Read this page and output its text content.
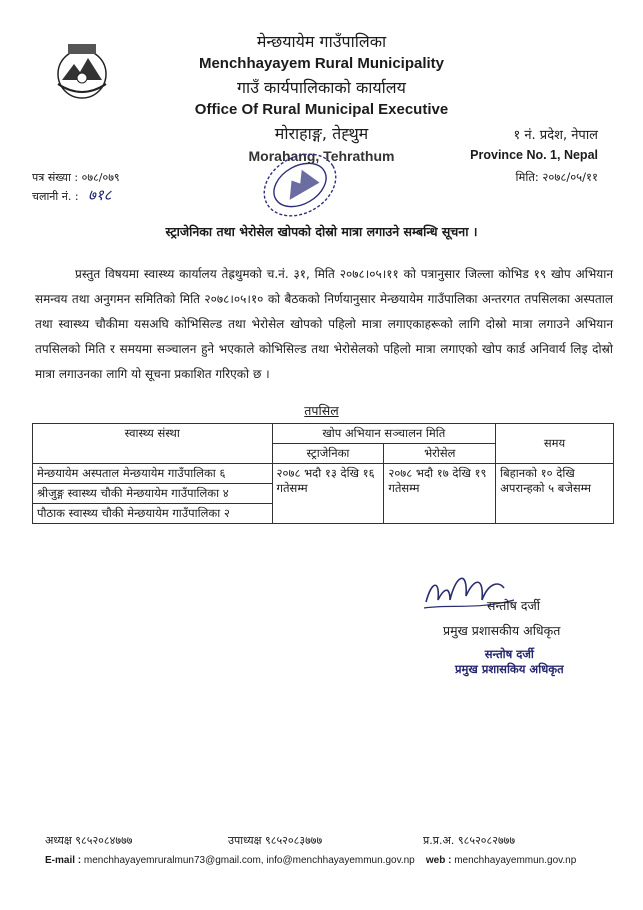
मेन्छयायेम गाउँपालिका
Menchhayayem Rural Municipality
गाउँ कार्यपालिकाको कार्यालय
Office Of Rural Municipal Executive
मोराहाङ्ग, तेह्थुम
Morahang, Tehrathum
१ नं. प्रदेश, नेपाल
Province No. 1, Nepal
मिति: २०७८/०५/११
पत्र संख्या : ०७८/०७९
चलानी नं. : ७१८
स्ट्राजेनिका तथा भेरोसेल खोपको दोस्रो मात्रा लगाउने सम्बन्धि सूचना ।
प्रस्तुत विषयमा स्वास्थ्य कार्यालय तेह्रथुमको च.नं. ३१, मिति २०७८।०५।११ को पत्रानुसार जिल्ला कोभिड १९ खोप अभियान समन्वय तथा अनुगमन समितिको मिति २०७८।०५।१० को बैठकको निर्णयानुसार मेन्छयायेम गाउँपालिका अन्तरगत तपसिलका अस्पताल तथा स्वास्थ्य चौकीमा यसअघि कोभिसिल्ड तथा भेरोसेल खोपको पहिलो मात्रा लगाएकाहरूको लागि दोस्रो मात्रा लगाउने अभियान तपसिलको मिति र समयमा सञ्चालन हुने भएकाले कोभिसिल्ड तथा भेरोसेलको पहिलो मात्रा लगाएको खोप कार्ड अनिवार्य लिइ दोस्रो मात्रा लगाउनका लागि यो सूचना प्रकाशित गरिएको छ ।
तपसिल
स्वास्थ्य संस्था	खोप अभियान सञ्चालन मिति		समय
	स्ट्राजेनिका	भेरोसेल	
मेन्छयायेम अस्पताल मेन्छयायेम गाउँपालिका ६	२०७८ भदौ १३ देखि १६ गतेसम्म	२०७८ भदौ १७ देखि १९ गतेसम्म	बिहानको १० देखि अपरान्हको ५ बजेसम्म
श्रीजुङ्ग स्वास्थ्य चौकी मेन्छयायेम गाउँपालिका ४			
पौठाक स्वास्थ्य चौकी मेन्छयायेम गाउँपालिका २			
सन्तोष दर्जी
प्रमुख प्रशासकीय अधिकृत
सन्तोष दर्जी
प्रमुख प्रशासकिय अधिकृत
अध्यक्ष ९८५२०८४७७७	उपाध्यक्ष ९८५२०८३७७७	प्र.प्र.अ. ९८५२०८२७७७
E-mail : menchhayayemruralmun73@gmail.com, info@menchhayayemmun.gov.np web : menchhayayemmun.gov.np
